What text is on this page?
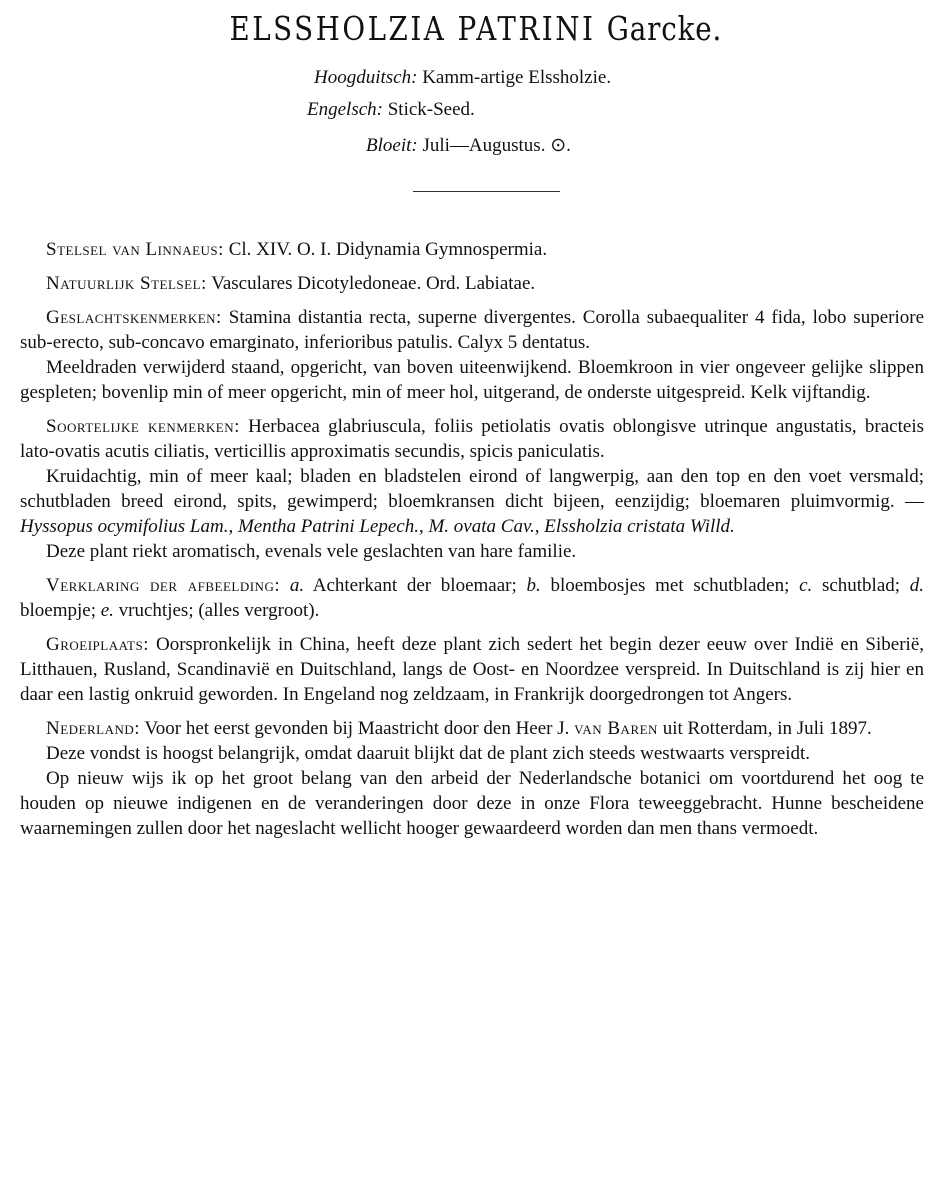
ELSSHOLZIA PATRINI Garcke.
Hoogduitsch: Kamm-artige Elssholzie.
Engelsch: Stick-Seed.
Bloeit: Juli—Augustus. ⊙.

Stelsel van Linnaeus: Cl. XIV. O. I. Didynamia Gymnospermia.

Natuurlijk Stelsel: Vasculares Dicotyledoneae. Ord. Labiatae.

Geslachtskenmerken: Stamina distantia recta, superne divergentes. Corolla subaequaliter 4 fida, lobo superiore sub-erecto, sub-concavo emarginato, inferioribus patulis. Calyx 5 dentatus.

Meeldraden verwijderd staand, opgericht, van boven uiteenwijkend. Bloemkroon in vier ongeveer gelijke slippen gespleten; bovenlip min of meer opgericht, min of meer hol, uitgerand, de onderste uitgespreid. Kelk vijftandig.

Soortelijke kenmerken: Herbacea glabriuscula, foliis petiolatis ovatis oblongisve utrinque angustatis, bracteis lato-ovatis acutis ciliatis, verticillis approximatis secundis, spicis paniculatis.

Kruidachtig, min of meer kaal; bladen en bladstelen eirond of langwerpig, aan den top en den voet versmald; schutbladen breed eirond, spits, gewimperd; bloemkransen dicht bijeen, eenzijdig; bloemaren pluimvormig. — Hyssopus ocymifolius Lam., Mentha Patrini Lepech., M. ovata Cav., Elssholzia cristata Willd.

Deze plant riekt aromatisch, evenals vele geslachten van hare familie.

Verklaring der afbeelding: a. Achterkant der bloemaar; b. bloembosjes met schutbladen; c. schutblad; d. bloempje; e. vruchtjes; (alles vergroot).

Groeiplaats: Oorspronkelijk in China, heeft deze plant zich sedert het begin dezer eeuw over Indië en Siberië, Litthauen, Rusland, Scandinavië en Duitschland, langs de Oost- en Noordzee verspreid. In Duitschland is zij hier en daar een lastig onkruid geworden. In Engeland nog zeldzaam, in Frankrijk doorgedrongen tot Angers.

Nederland: Voor het eerst gevonden bij Maastricht door den Heer J. van Baren uit Rotterdam, in Juli 1897.

Deze vondst is hoogst belangrijk, omdat daaruit blijkt dat de plant zich steeds westwaarts verspreidt.

Op nieuw wijs ik op het groot belang van den arbeid der Nederlandsche botanici om voortdurend het oog te houden op nieuwe indigenen en de veranderingen door deze in onze Flora teweeggebracht. Hunne bescheidene waarnemingen zullen door het nageslacht wellicht hooger gewaardeerd worden dan men thans vermoedt.
